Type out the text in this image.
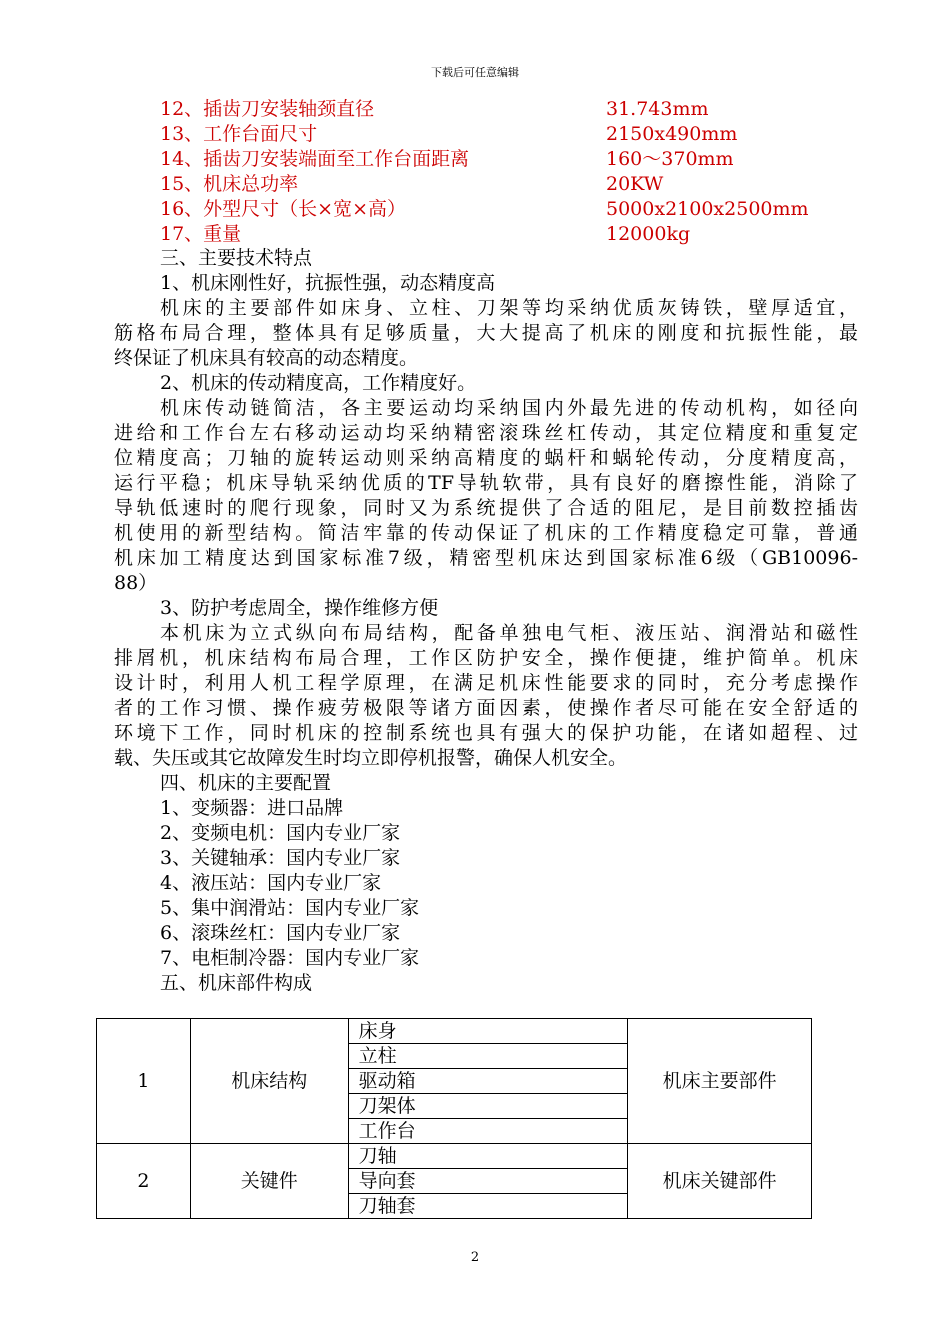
下载后可任意编辑
12、插齿刀安装轴颈直径	31.743mm
13、工作台面尺寸	2150x490mm
14、插齿刀安装端面至工作台面距离	160～370mm
15、机床总功率	20KW
16、外型尺寸（长×宽×高）	5000x2100x2500mm
17、重量	12000kg
三、主要技术特点
1、机床刚性好，抗振性强，动态精度高
机床的主要部件如床身、立柱、刀架等均采纳优质灰铸铁，壁厚适宜，
筋格布局合理，整体具有足够质量，大大提高了机床的刚度和抗振性能，最
终保证了机床具有较高的动态精度。
2、机床的传动精度高，工作精度好。
机床传动链简洁，各主要运动均采纳国内外最先进的传动机构，如径向
进给和工作台左右移动运动均采纳精密滚珠丝杠传动，其定位精度和重复定
位精度高；刀轴的旋转运动则采纳高精度的蜗杆和蜗轮传动，分度精度高，
运行平稳；机床导轨采纳优质的TF导轨软带，具有良好的磨擦性能，消除了
导轨低速时的爬行现象，同时又为系统提供了合适的阻尼，是目前数控插齿
机使用的新型结构。简洁牢靠的传动保证了机床的工作精度稳定可靠，普通
机床加工精度达到国家标准7级，精密型机床达到国家标准6级（GB10096-
88）
3、防护考虑周全，操作维修方便
本机床为立式纵向布局结构，配备单独电气柜、液压站、润滑站和磁性
排屑机，机床结构布局合理，工作区防护安全，操作便捷，维护简单。机床
设计时，利用人机工程学原理，在满足机床性能要求的同时，充分考虑操作
者的工作习惯、操作疲劳极限等诸方面因素，使操作者尽可能在安全舒适的
环境下工作，同时机床的控制系统也具有强大的保护功能，在诸如超程、过
载、失压或其它故障发生时均立即停机报警，确保人机安全。
四、机床的主要配置
1、变频器：进口品牌
2、变频电机：国内专业厂家
3、关键轴承：国内专业厂家
4、液压站：国内专业厂家
5、集中润滑站：国内专业厂家
6、滚珠丝杠：国内专业厂家
7、电柜制冷器：国内专业厂家
五、机床部件构成
1	机床结构	床身	机床主要部件
		立柱	
		驱动箱	
		刀架体	
		工作台	
2	关键件	刀轴	机床关键部件
		导向套	
		刀轴套	
2
